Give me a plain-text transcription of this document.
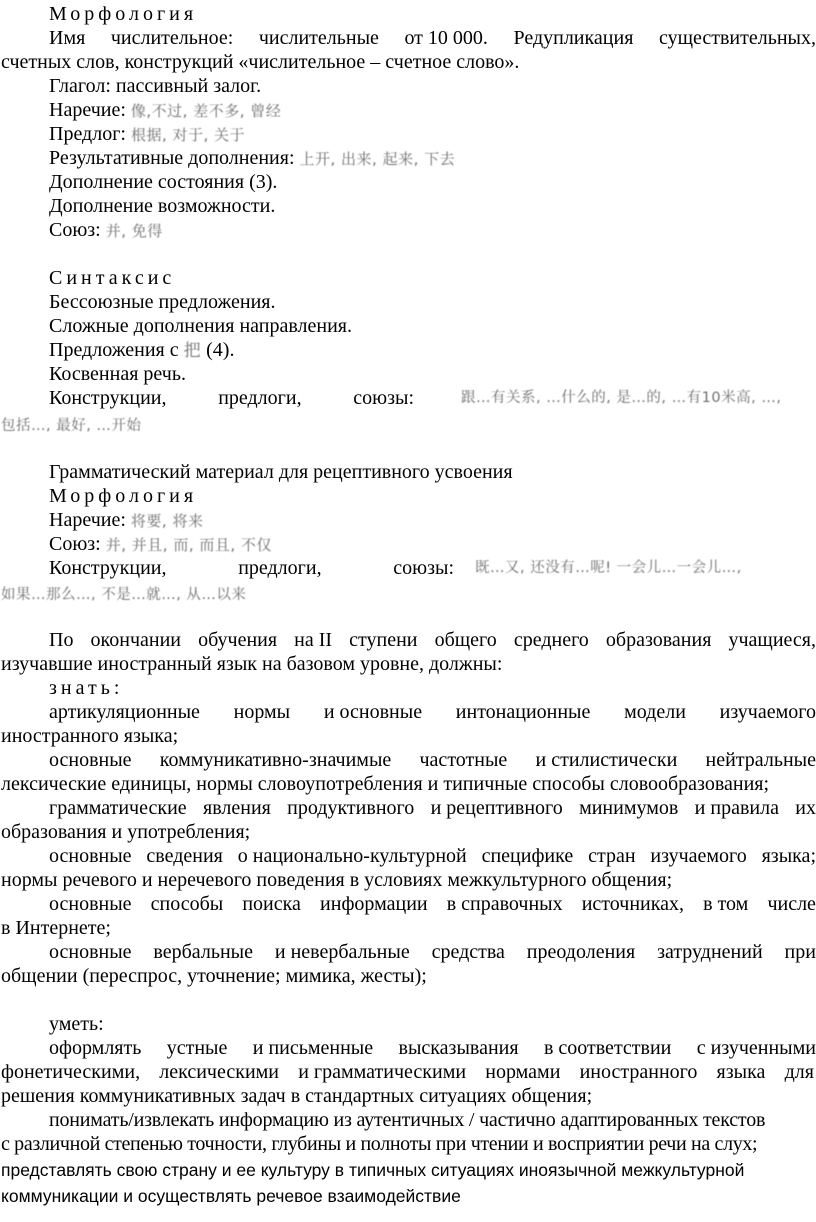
Морфология
Имя числительное: числительные от 10 000. Редупликация существительных,
счетных слов, конструкций «числительное – счетное слово».
Глагол: пассивный залог.
Наречие: 像,不过, 差不多, 曾经
Предлог: 根据, 对于, 关于
Результативные дополнения: 上开, 出来, 起来, 下去
Дополнение состояния (3).
Дополнение возможности.
Союз: 并, 免得
Синтаксис
Бессоюзные предложения.
Сложные дополнения направления.
Предложения с 把 (4).
Косвенная речь.
Конструкции,	предлоги,	союзы:	跟…有关系, …什么的, 是…的, …有10米高, …,
包括…, 最好, …开始
Грамматический материал для рецептивного усвоения
Морфология
Наречие: 将要, 将来
Союз: 并, 并且, 而, 而且, 不仅
Конструкции,	предлоги,	союзы: 既…又, 还没有…呢! 一会儿…一会儿…,
如果…那么…, 不是…就…, 从…以来
По окончании обучения на II ступени общего среднего образования учащиеся,
изучавшие иностранный язык на базовом уровне, должны:
знать:
артикуляционные нормы и основные интонационные модели изучаемого
иностранного языка;
основные коммуникативно-значимые частотные и стилистически нейтральные
лексические единицы, нормы словоупотребления и типичные способы словообразования;
грамматические явления продуктивного и рецептивного минимумов и правила их
образования и употребления;
основные сведения о национально-культурной специфике стран изучаемого языка;
нормы речевого и неречевого поведения в условиях межкультурного общения;
основные способы поиска информации в справочных источниках, в том числе
в Интернете;
основные вербальные и невербальные средства преодоления затруднений при
общении (переспрос, уточнение; мимика, жесты);
уметь:
оформлять устные и письменные высказывания в соответствии с изученными
фонетическими, лексическими и грамматическими нормами иностранного языка для
решения коммуникативных задач в стандартных ситуациях общения;
понимать/извлекать информацию из аутентичных / частично адаптированных текстов
с различной степенью точности, глубины и полноты при чтении и восприятии речи на слух;
представлять свою страну и ее культуру в типичных ситуациях иноязычной межкультурной
коммуникации и осуществлять речевое взаимодействие
